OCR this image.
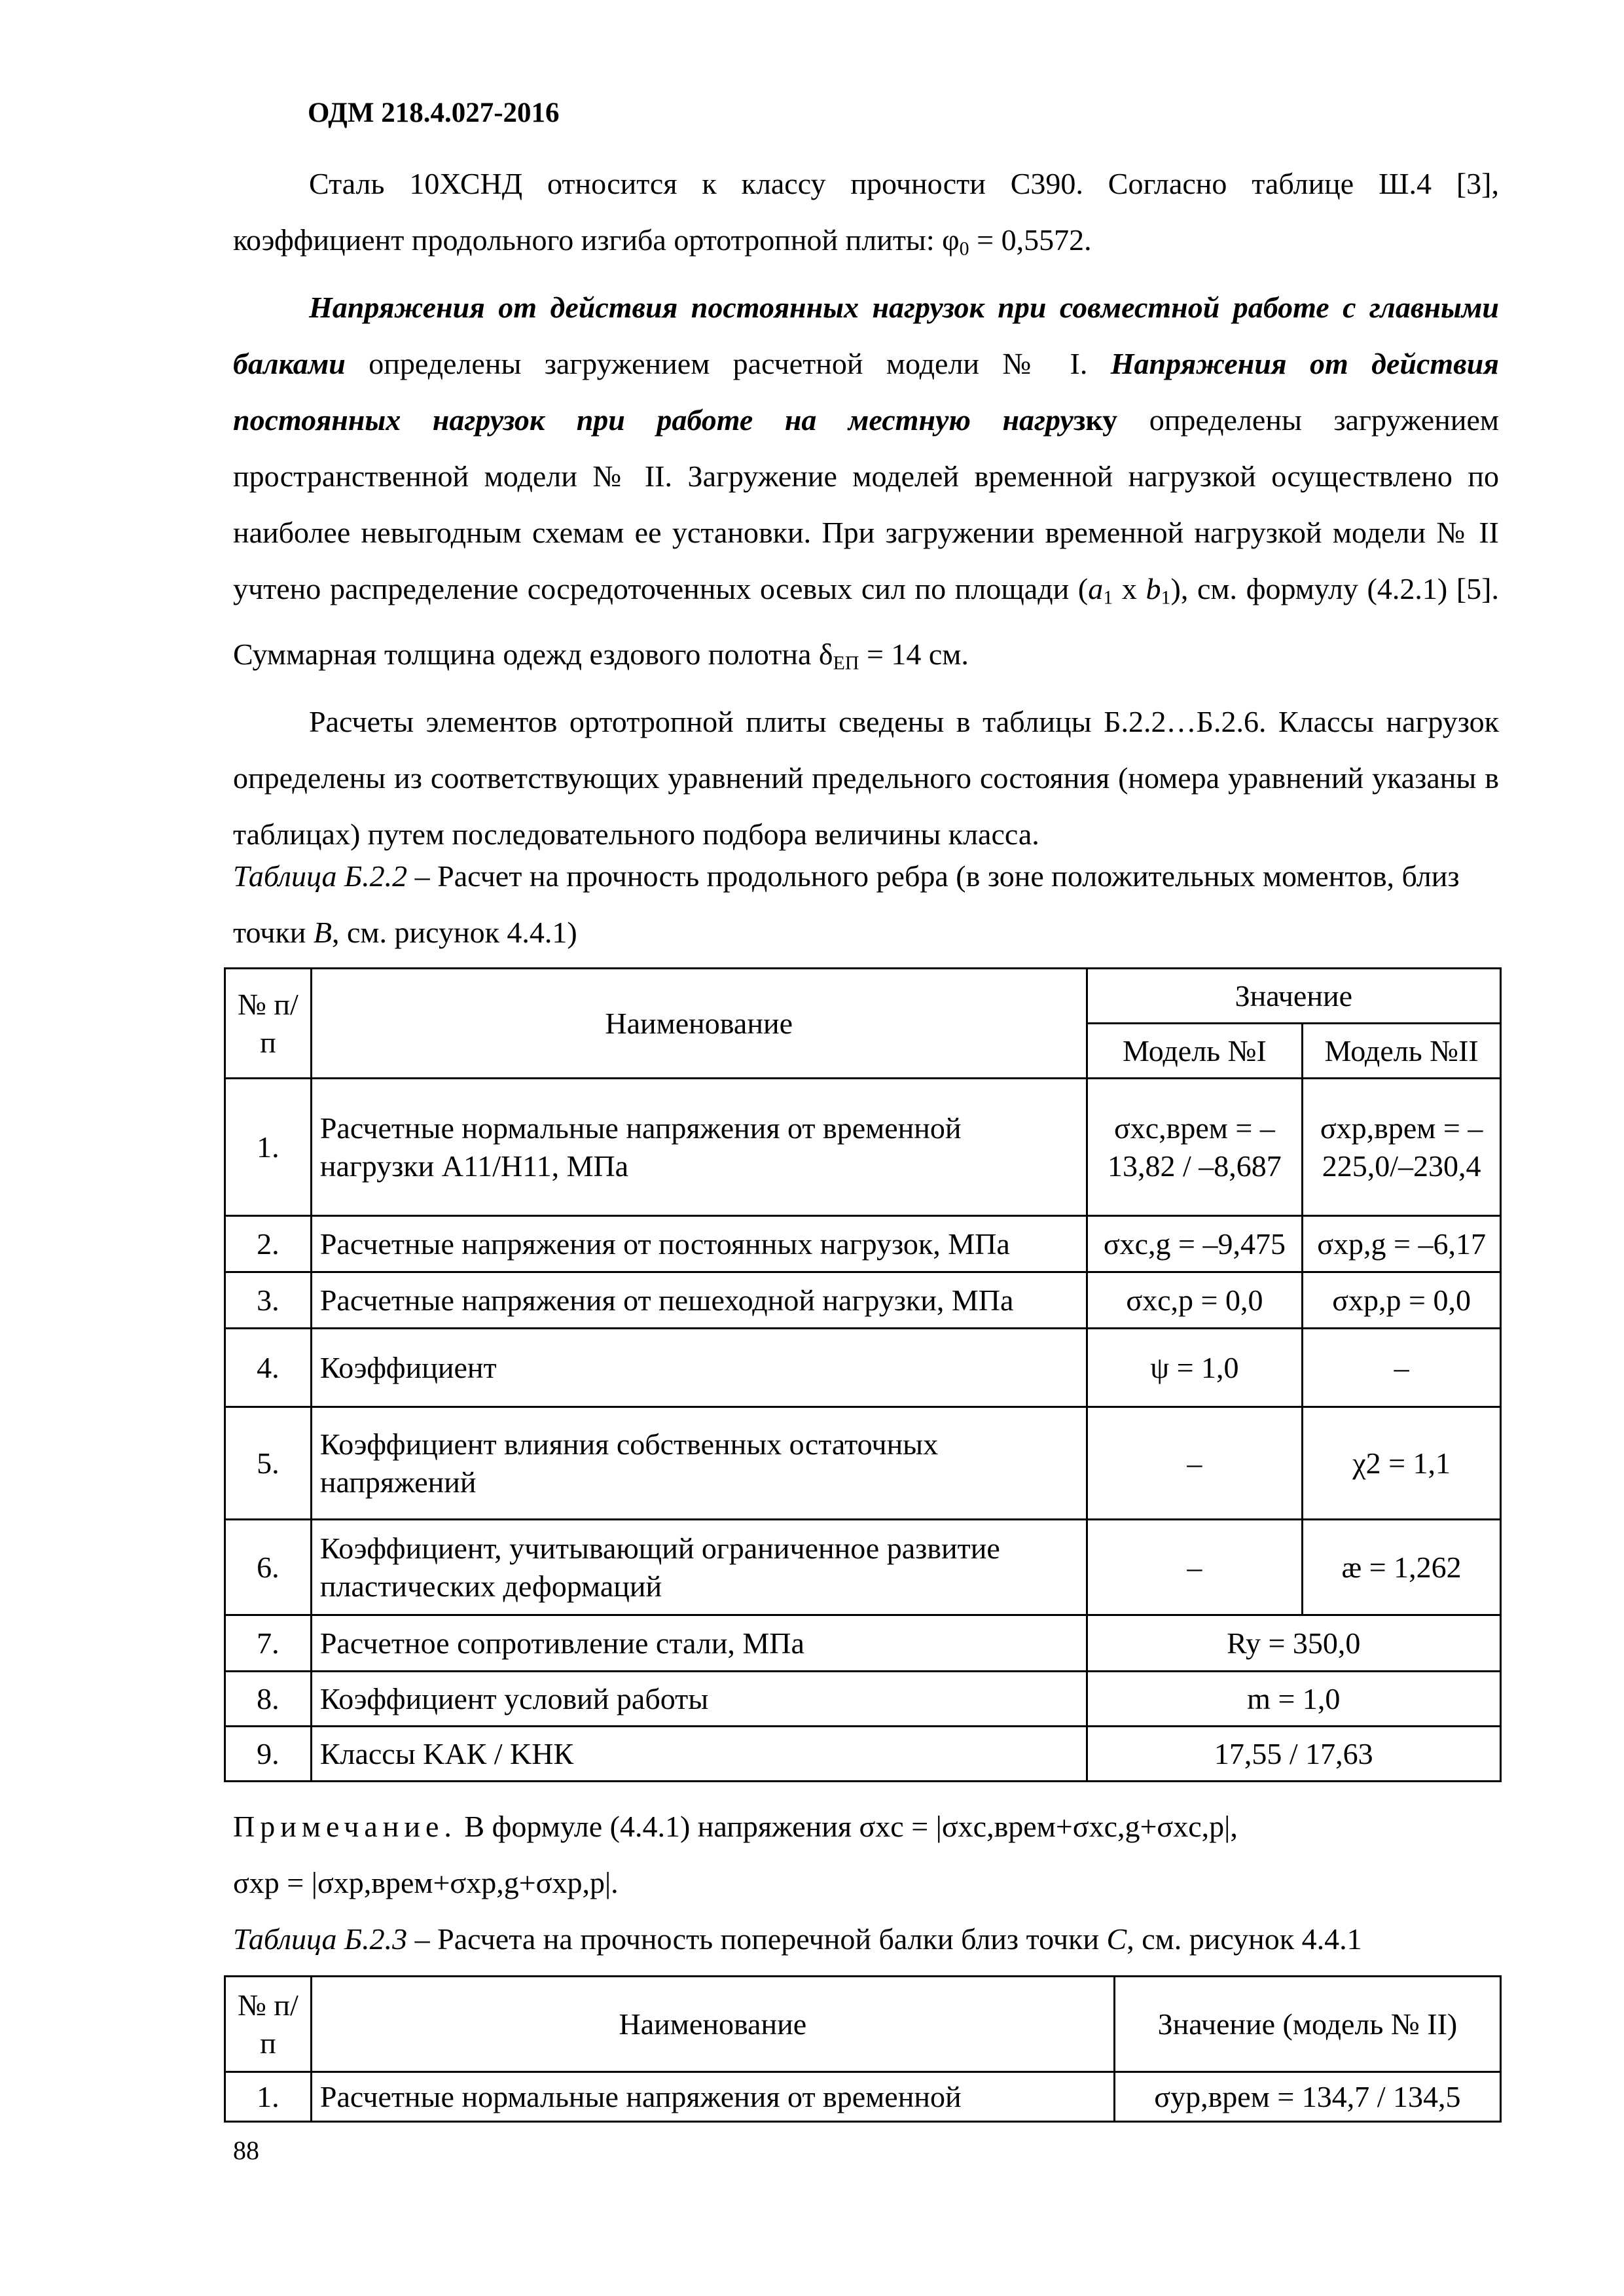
ОДМ 218.4.027-2016

Сталь 10ХСНД относится к классу прочности С390. Согласно таблице Ш.4 [3], коэффициент продольного изгиба ортотропной плиты: $\varphi_0 = 0,5572$.

Напряжения от действия постоянных нагрузок при совместной работе с главными балками определены загружением расчетной модели № I. Напряжения от действия постоянных нагрузок при работе на местную нагрузку определены загружением пространственной модели № II. Загружение моделей временной нагрузкой осуществлено по наиболее невыгодным схемам ее установки. При загружении временной нагрузкой модели № II учтено распределение сосредоточенных осевых сил по площади ($a_1$ x $b_1$), см. формулу (4.2.1) [5]. Суммарная толщина одежд ездового полотна $\delta_{ЕП} = 14$ см.

Расчеты элементов ортотропной плиты сведены в таблицы Б.2.2…Б.2.6. Классы нагрузок определены из соответствующих уравнений предельного состояния (номера уравнений указаны в таблицах) путем последовательного подбора величины класса.

Таблица Б.2.2 – Расчет на прочность продольного ребра (в зоне положительных моментов, близ точки B, см. рисунок 4.4.1)

№ п/п	Наименование	Значение	
		Модель №I	Модель №II
1.	Расчетные нормальные напряжения от временной нагрузки А11/Н11, МПа	σxc,врем = –13,82 / –8,687	σxp,врем = –225,0/–230,4
2.	Расчетные напряжения от постоянных нагрузок, МПа	σxc,g = –9,475	σxp,g = –6,17
3.	Расчетные напряжения от пешеходной нагрузки, МПа	σxc,p = 0,0	σxp,p = 0,0
4.	Коэффициент	ψ = 1,0	–
5.	Коэффициент влияния собственных остаточных напряжений	–	χ2 = 1,1
6.	Коэффициент, учитывающий ограниченное развитие пластических деформаций	–	æ = 1,262
7.	Расчетное сопротивление стали, МПа	Ry = 350,0	
8.	Коэффициент условий работы	m = 1,0	
9.	Классы KАК / KНК	17,55 / 17,63	

Примечание. В формуле (4.4.1) напряжения σxc = |σxc,врем+σxc,g+σxc,p|,
σxp = |σxp,врем+σxp,g+σxp,p|.

Таблица Б.2.3 – Расчета на прочность поперечной балки близ точки C, см. рисунок 4.4.1

№ п/п	Наименование	Значение (модель № II)
1.	Расчетные нормальные напряжения от временной	σyp,врем = 134,7 / 134,5
88
